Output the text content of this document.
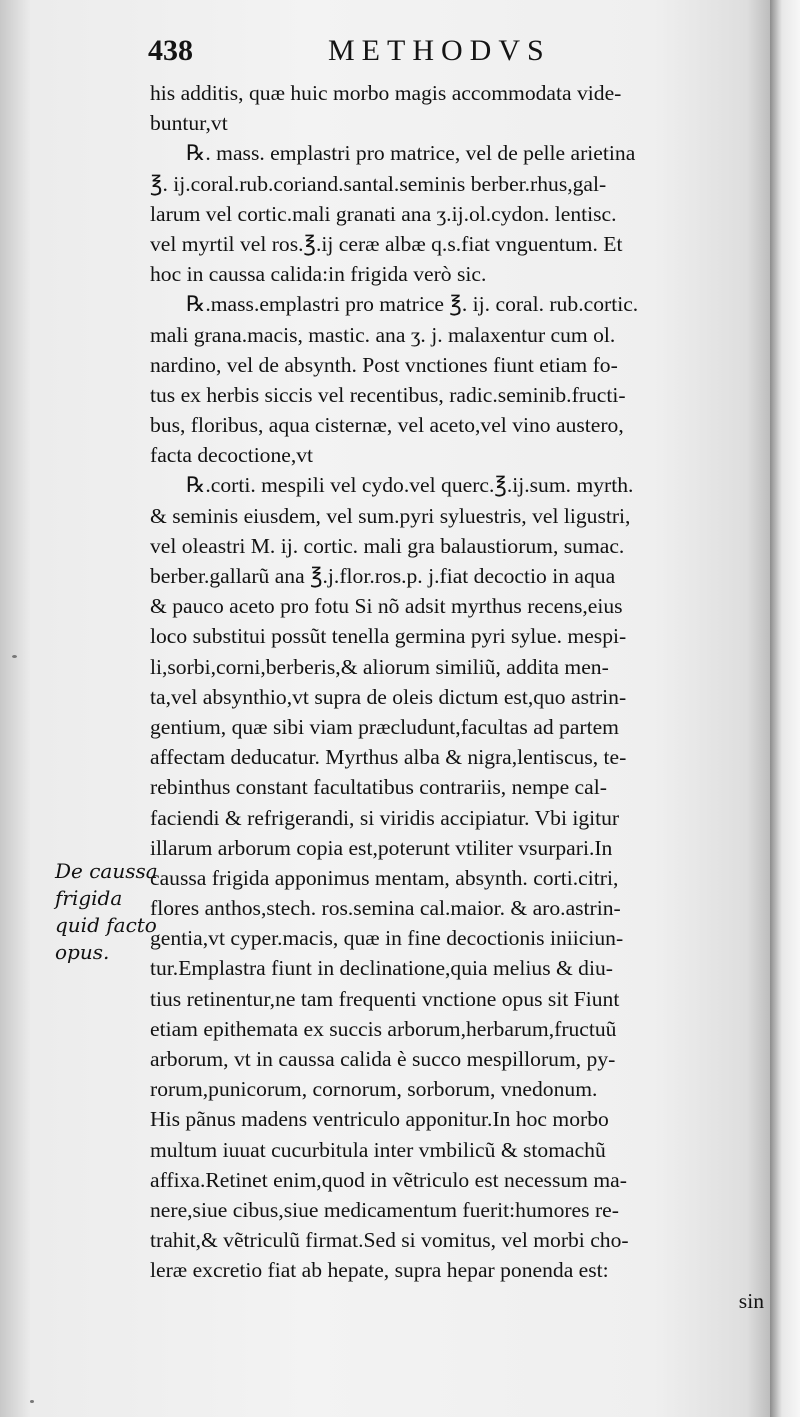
438	METHODVS
De caussa
frigida
quid facto
opus.
his additis, quæ huic morbo magis accommodata vide-
buntur,vt
℞. mass. emplastri pro matrice, vel de pelle arietina
℥. ij.coral.rub.coriand.santal.seminis berber.rhus,gal-
larum vel cortic.mali granati ana ʒ.ij.ol.cydon. lentisc.
vel myrtil vel ros.℥.ij ceræ albæ q.s.fiat vnguentum. Et
hoc in caussa calida:in frigida verò sic.
℞.mass.emplastri pro matrice ℥. ij. coral. rub.cortic.
mali grana.macis, mastic. ana ʒ. j. malaxentur cum ol.
nardino, vel de absynth. Post vnctiones fiunt etiam fo-
tus ex herbis siccis vel recentibus, radic.seminib.fructi-
bus, floribus, aqua cisternæ, vel aceto,vel vino austero,
facta decoctione,vt
℞.corti. mespili vel cydo.vel querc.℥.ij.sum. myrth.
& seminis eiusdem, vel sum.pyri syluestris, vel ligustri,
vel oleastri M. ij. cortic. mali gra balaustiorum, sumac.
berber.gallarũ ana ℥.j.flor.ros.p. j.fiat decoctio in aqua
& pauco aceto pro fotu Si nõ adsit myrthus recens,eius
loco substitui possũt tenella germina pyri sylue. mespi-
li,sorbi,corni,berberis,& aliorum similiũ, addita men-
ta,vel absynthio,vt supra de oleis dictum est,quo astrin-
gentium, quæ sibi viam præcludunt,facultas ad partem
affectam deducatur. Myrthus alba & nigra,lentiscus, te-
rebinthus constant facultatibus contrariis, nempe cal-
faciendi & refrigerandi, si viridis accipiatur. Vbi igitur
illarum arborum copia est,poterunt vtiliter vsurpari.In
caussa frigida apponimus mentam, absynth. corti.citri,
flores anthos,stech. ros.semina cal.maior. & aro.astrin-
gentia,vt cyper.macis, quæ in fine decoctionis iniiciun-
tur.Emplastra fiunt in declinatione,quia melius & diu-
tius retinentur,ne tam frequenti vnctione opus sit Fiunt
etiam epithemata ex succis arborum,herbarum,fructuũ
arborum, vt in caussa calida è succo mespillorum, py-
rorum,punicorum, cornorum, sorborum, vnedonum.
His pãnus madens ventriculo apponitur.In hoc morbo
multum iuuat cucurbitula inter vmbilicũ & stomachũ
affixa.Retinet enim,quod in vẽtriculo est necessum ma-
nere,siue cibus,siue medicamentum fuerit:humores re-
trahit,& vẽtriculũ firmat.Sed si vomitus, vel morbi cho-
leræ excretio fiat ab hepate, supra hepar ponenda est:
sin
